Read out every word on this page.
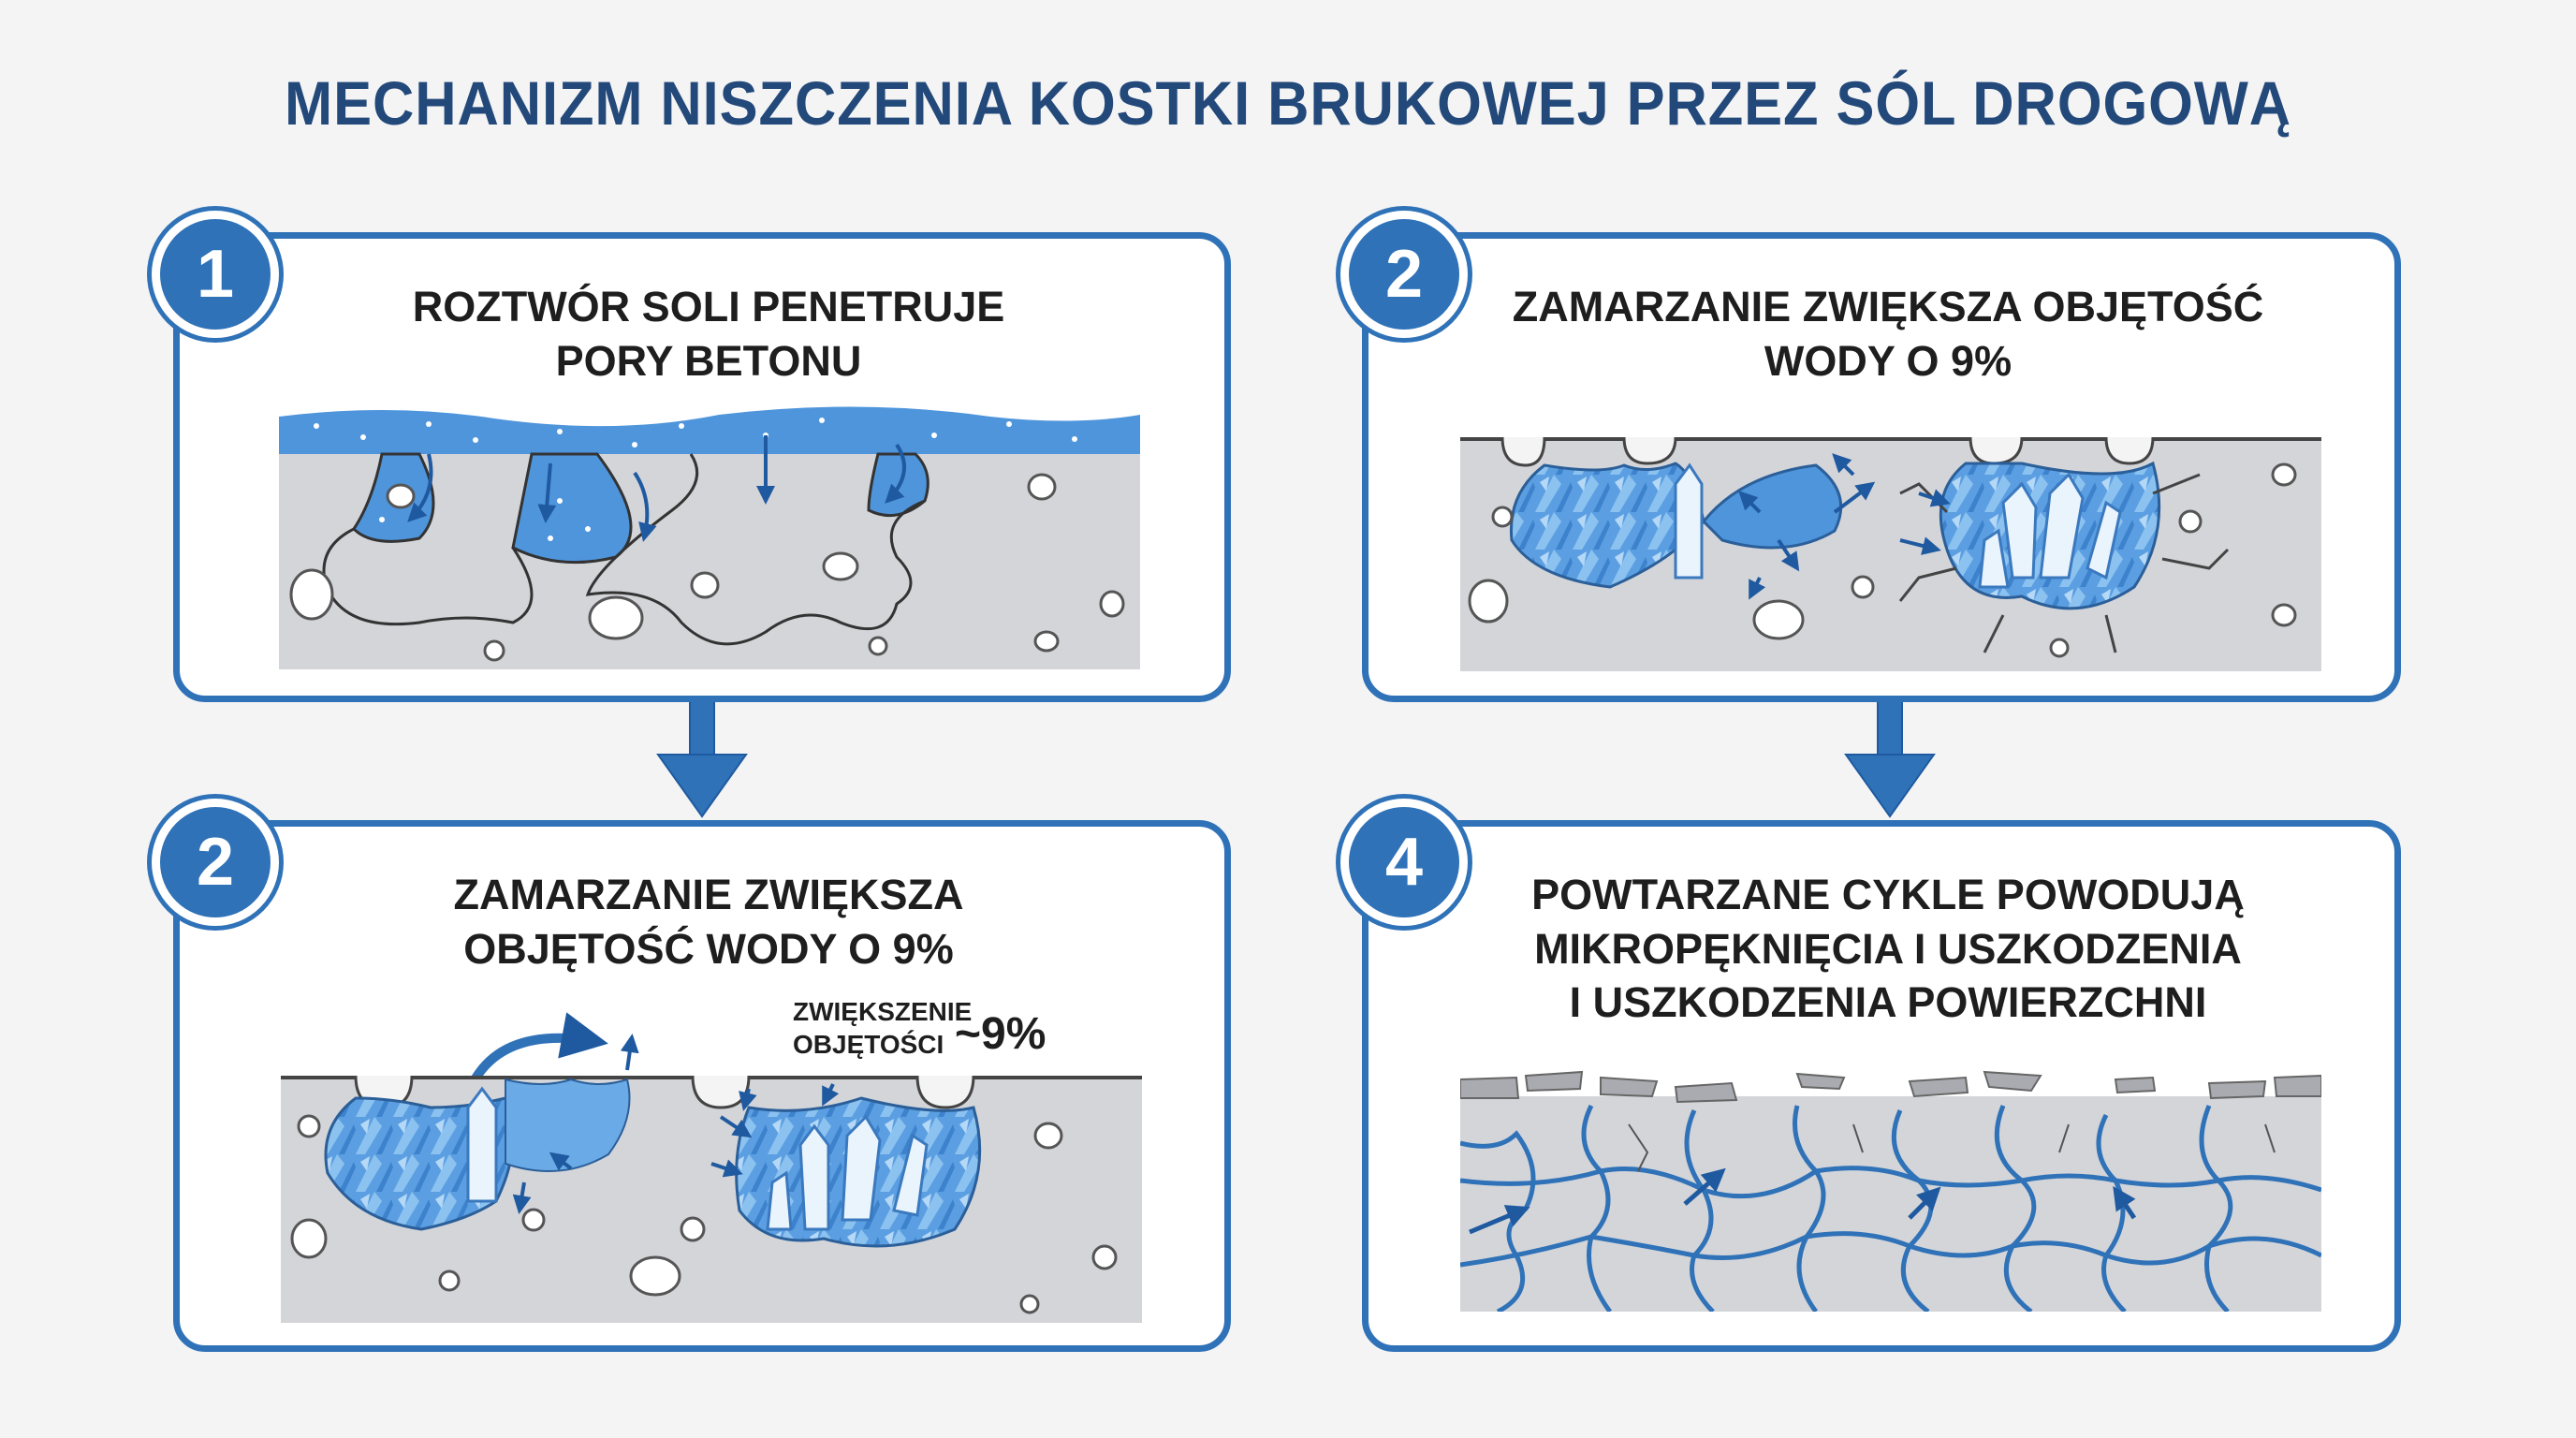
MECHANIZM NISZCZENIA KOSTKI BRUKOWEJ PRZEZ SÓL DROGOWĄ
ROZTWÓR SOLI PENETRUJE
PORY BETONU
1	ZAMARZANIE ZWIĘKSZA OBJĘTOŚĆ
WODY O 9%
2
ZAMARZANIE ZWIĘKSZA
OBJĘTOŚĆ WODY O 9%
ZWIĘKSZENIE
OBJĘTOŚCI ~9%
2	POWTARZANE CYKLE POWODUJĄ
MIKROPĘKNIĘCIA I USZKODZENIA
I USZKODZENIA POWIERZCHNI
4
